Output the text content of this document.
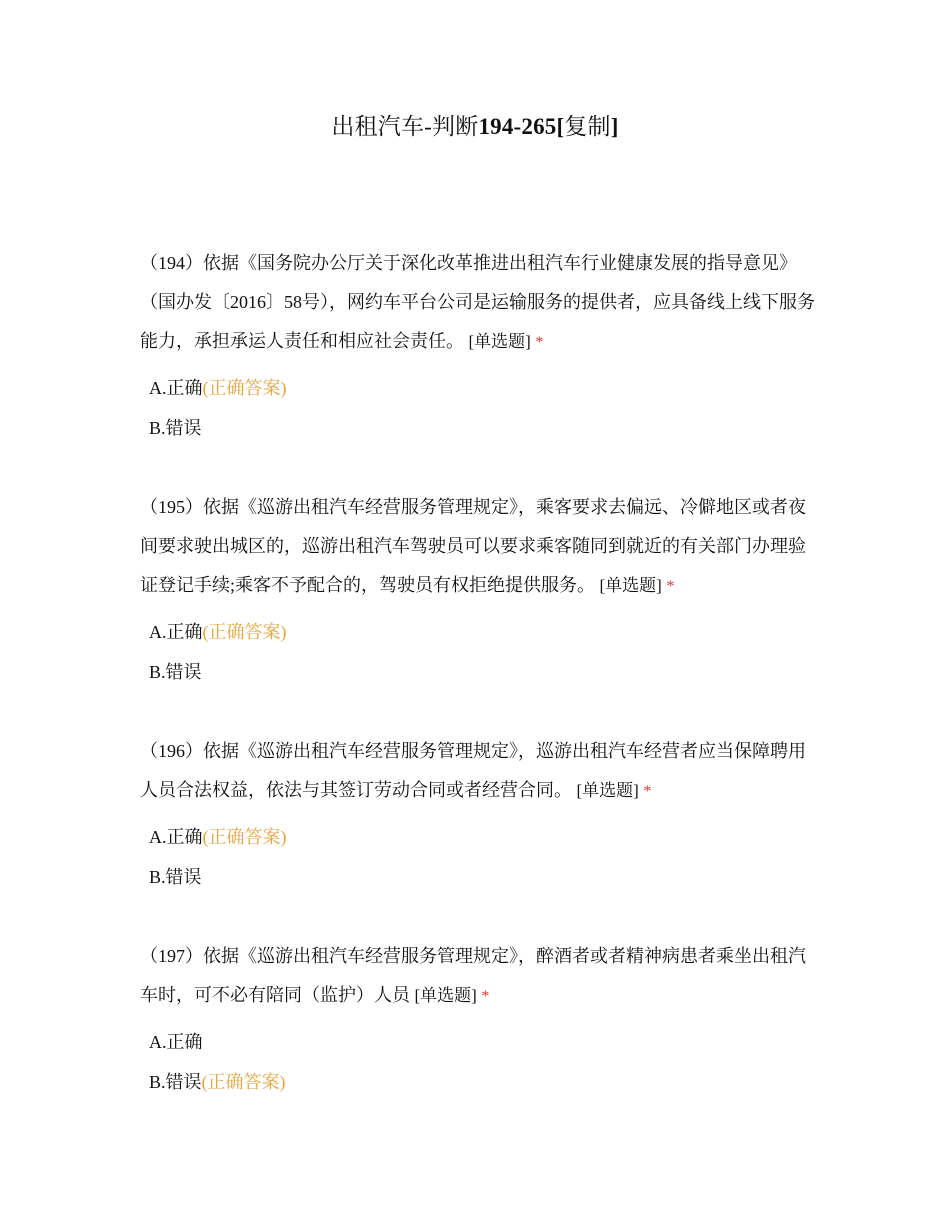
出租汽车-判断194-265[复制]

（194）依据《国务院办公厅关于深化改革推进出租汽车行业健康发展的指导意见》（国办发〔2016〕58号），网约车平台公司是运输服务的提供者，应具备线上线下服务能力，承担承运人责任和相应社会责任。 [单选题] *

A.正确(正确答案)
B.错误

（195）依据《巡游出租汽车经营服务管理规定》，乘客要求去偏远、冷僻地区或者夜间要求驶出城区的，巡游出租汽车驾驶员可以要求乘客随同到就近的有关部门办理验证登记手续;乘客不予配合的，驾驶员有权拒绝提供服务。 [单选题] *

A.正确(正确答案)
B.错误

（196）依据《巡游出租汽车经营服务管理规定》，巡游出租汽车经营者应当保障聘用人员合法权益，依法与其签订劳动合同或者经营合同。 [单选题] *

A.正确(正确答案)
B.错误

（197）依据《巡游出租汽车经营服务管理规定》，醉酒者或者精神病患者乘坐出租汽车时，可不必有陪同（监护）人员 [单选题] *

A.正确
B.错误(正确答案)
